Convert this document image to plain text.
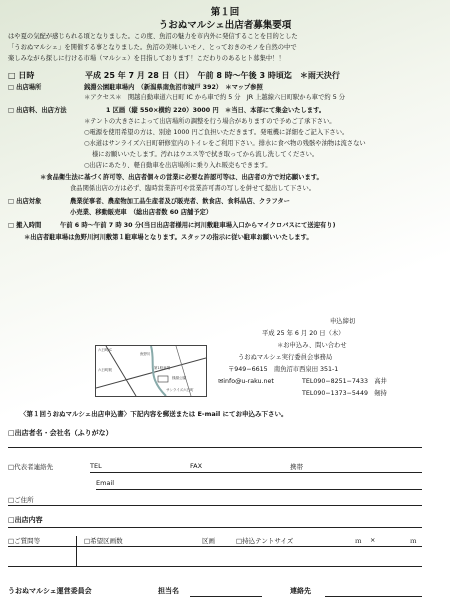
第１回
うおぬマルシェ出店者募集要項
はや夏の気配が感じられる頃となりました。この度、魚沼の魅力を市内外に発信することを目的とした
「うおぬマルシェ」を開催する事となりました。魚沼の美味しいモノ、とっておきのモノを自然の中で
楽しみながら探しに行ける市場（マルシェ）を目指しております！こだわりのあるヒト募集中！！
□ 日時	平成 25 年 7 月 28 日（日）　午前 8 時〜午後 3 時頃迄　＊雨天決行
□ 出店場所	銭淵公園駐車場内　（新潟県南魚沼市城戸 392）　＊マップ参照
＊アクセス＊　関越自動車道六日町 IC から車で約 5 分　JR 上越線六日町駅から車で約 5 分
□ 出店料、出店方法	1 区画（縦 550×横約 220）3000 円　＊当日、本部にて集金いたします。
＊テントの大きさによって出店場所の調整を行う場合がありますので予めご了承下さい。
○電源を使用希望の方は、別途 1000 円ご負担いただきます。発電機に詳細をご記入下さい。
○水道はサンライズ六日町研修室内のトイレをご利用下さい。排水に食べ物の残骸や油物は流さない
様にお願いいたします。汚れはウエス等で拭き取ってから流し洗してください。
○出店にあたり、軽自動車を出店場所に乗り入れ販売もできます。
＊食品衛生法に基づく許可等、出店者個々の営業に必要な許認可等は、出店者の方で対応願います。
食品関係出店の方は必ず、臨時営業許可や営業許可書の写しを併せて提出して下さい。
□ 出店対象	農業従事者、農産物加工品生産者及び販売者、飲食店、食料品店、クラフター
小売業、移動販売車　（総出店者数 60 店舗予定）
□ 搬入時間	午前 6 時〜午前 7 時 30 分(当日出店者様用に河川敷駐車場入口からマイクロバスにて送迎有り)
＊出店者駐車場は魚野川河川敷第１駐車場となります。スタッフの指示に従い駐車お願いいたします。
六日町IC
六日町駅
魚野川
第1駐車場
銭淵公園
サンライズ六日町
申込締切
平成 25 年 6 月 20 日（木）
＊お申込み、問い合わせ
うおぬマルシェ実行委員会事務局
〒949−6615　南魚沼市西泉田 351-1
✉info@u-raku.net	TEL090−8251−7433　高井
TEL090−1373−5449　剱持
〈第１回うおぬマルシェ出店申込書〉下記内容を郵送または E-mail にてお申込み下さい。
□出店者名・会社名（ふりがな）
□代表者連絡先	TEL	FAX	携帯
Email
□ご住所
□出店内容
□ご質問等	□希望区画数	区画	□持込テントサイズ	ｍ ×	ｍ
うおぬマルシェ運営委員会	担当名	連絡先
